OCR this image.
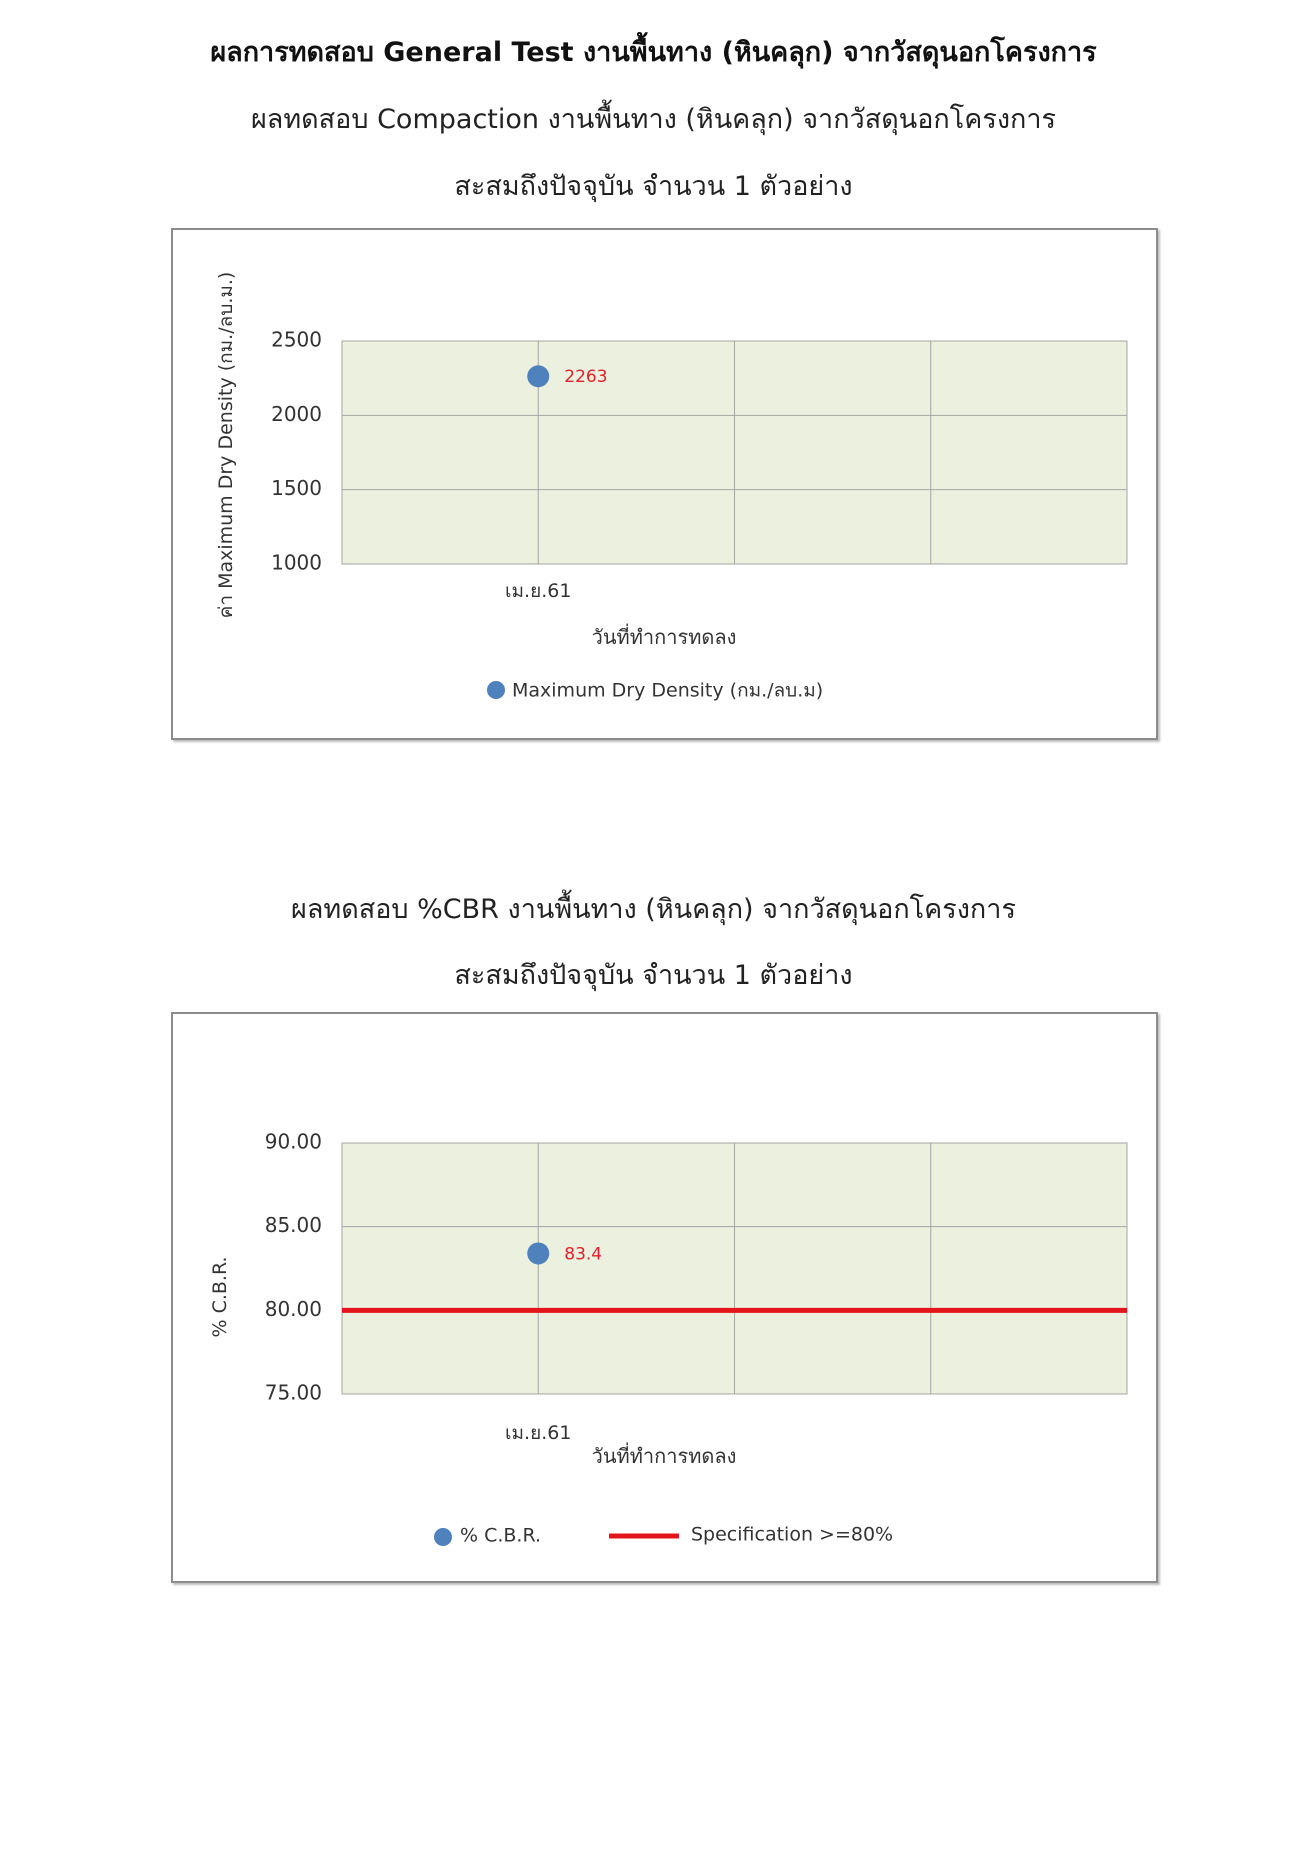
ผลการทดสอบ General Test งานพื้นทาง (หินคลุก) จากวัสดุนอกโครงการ
ผลทดสอบ Compaction งานพื้นทาง (หินคลุก) จากวัสดุนอกโครงการ
สะสมถึงปัจจุบัน จำนวน 1 ตัวอย่าง
1000
1500
2000
2500
เม.ย.61
วันที่ทำการทดลง
ค่า Maximum Dry Density (กม./ลบ.ม.)	2263
Maximum Dry Density (กม./ลบ.ม)
ผลทดสอบ %CBR งานพื้นทาง (หินคลุก) จากวัสดุนอกโครงการ
สะสมถึงปัจจุบัน จำนวน 1 ตัวอย่าง
75.00
80.00
85.00
90.00
เม.ย.61
วันที่ทำการทดลง
% C.B.R.
83.4
% C.B.R.	Specification >=80%
